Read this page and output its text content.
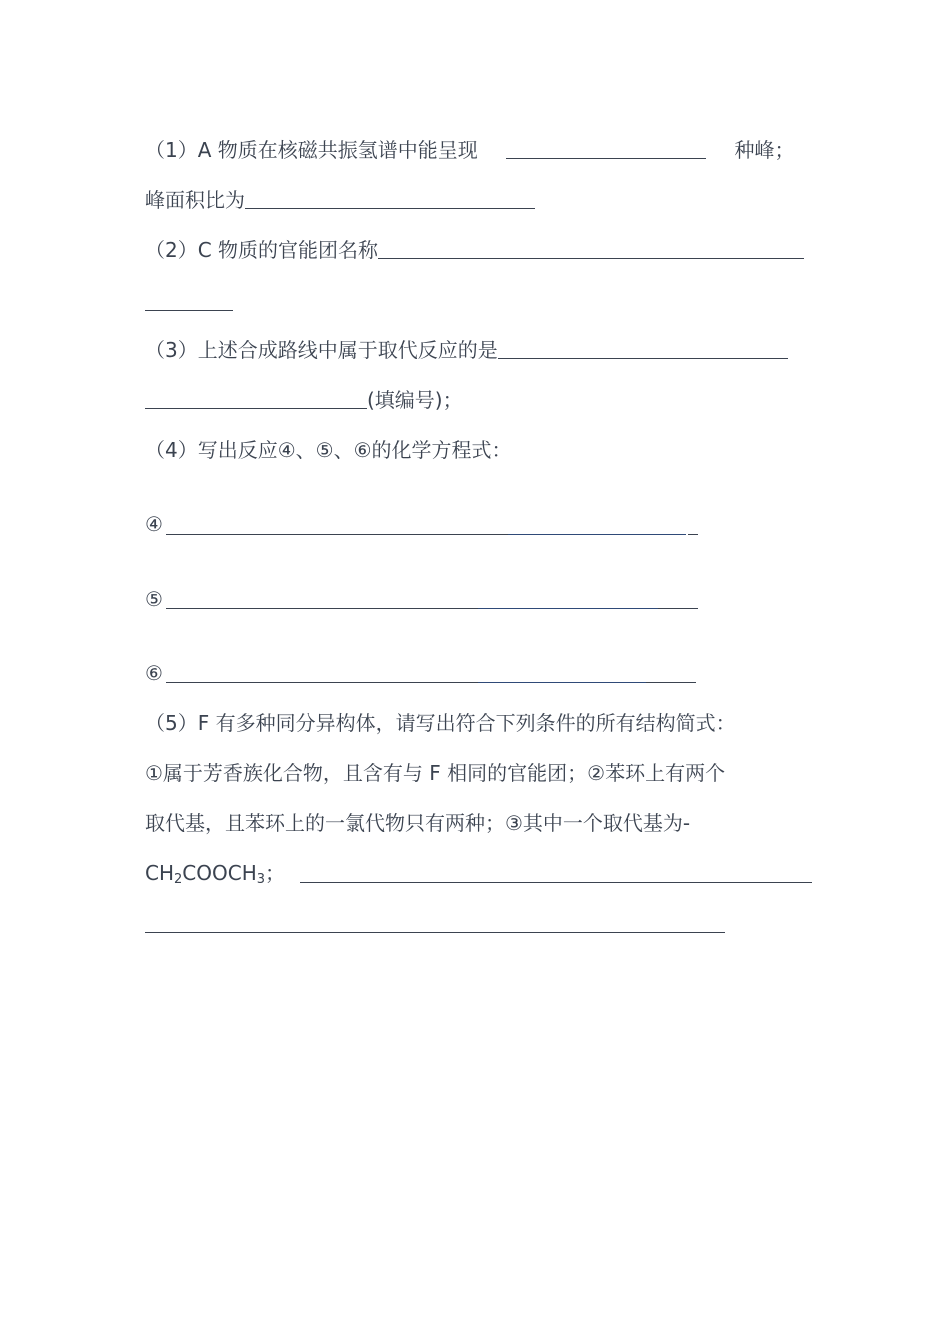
（1）A 物质在核磁共振氢谱中能呈现	种峰；
峰面积比为
（2）C 物质的官能团名称
（3）上述合成路线中属于取代反应的是
(填编号)；
（4）写出反应④、⑤、⑥的化学方程式：
④
⑤
⑥
（5）F 有多种同分异构体，请写出符合下列条件的所有结构简式：
①属于芳香族化合物，且含有与 F 相同的官能团；②苯环上有两个
取代基，且苯环上的一氯代物只有两种；③其中一个取代基为-
$CH_2COOCH_3$；
